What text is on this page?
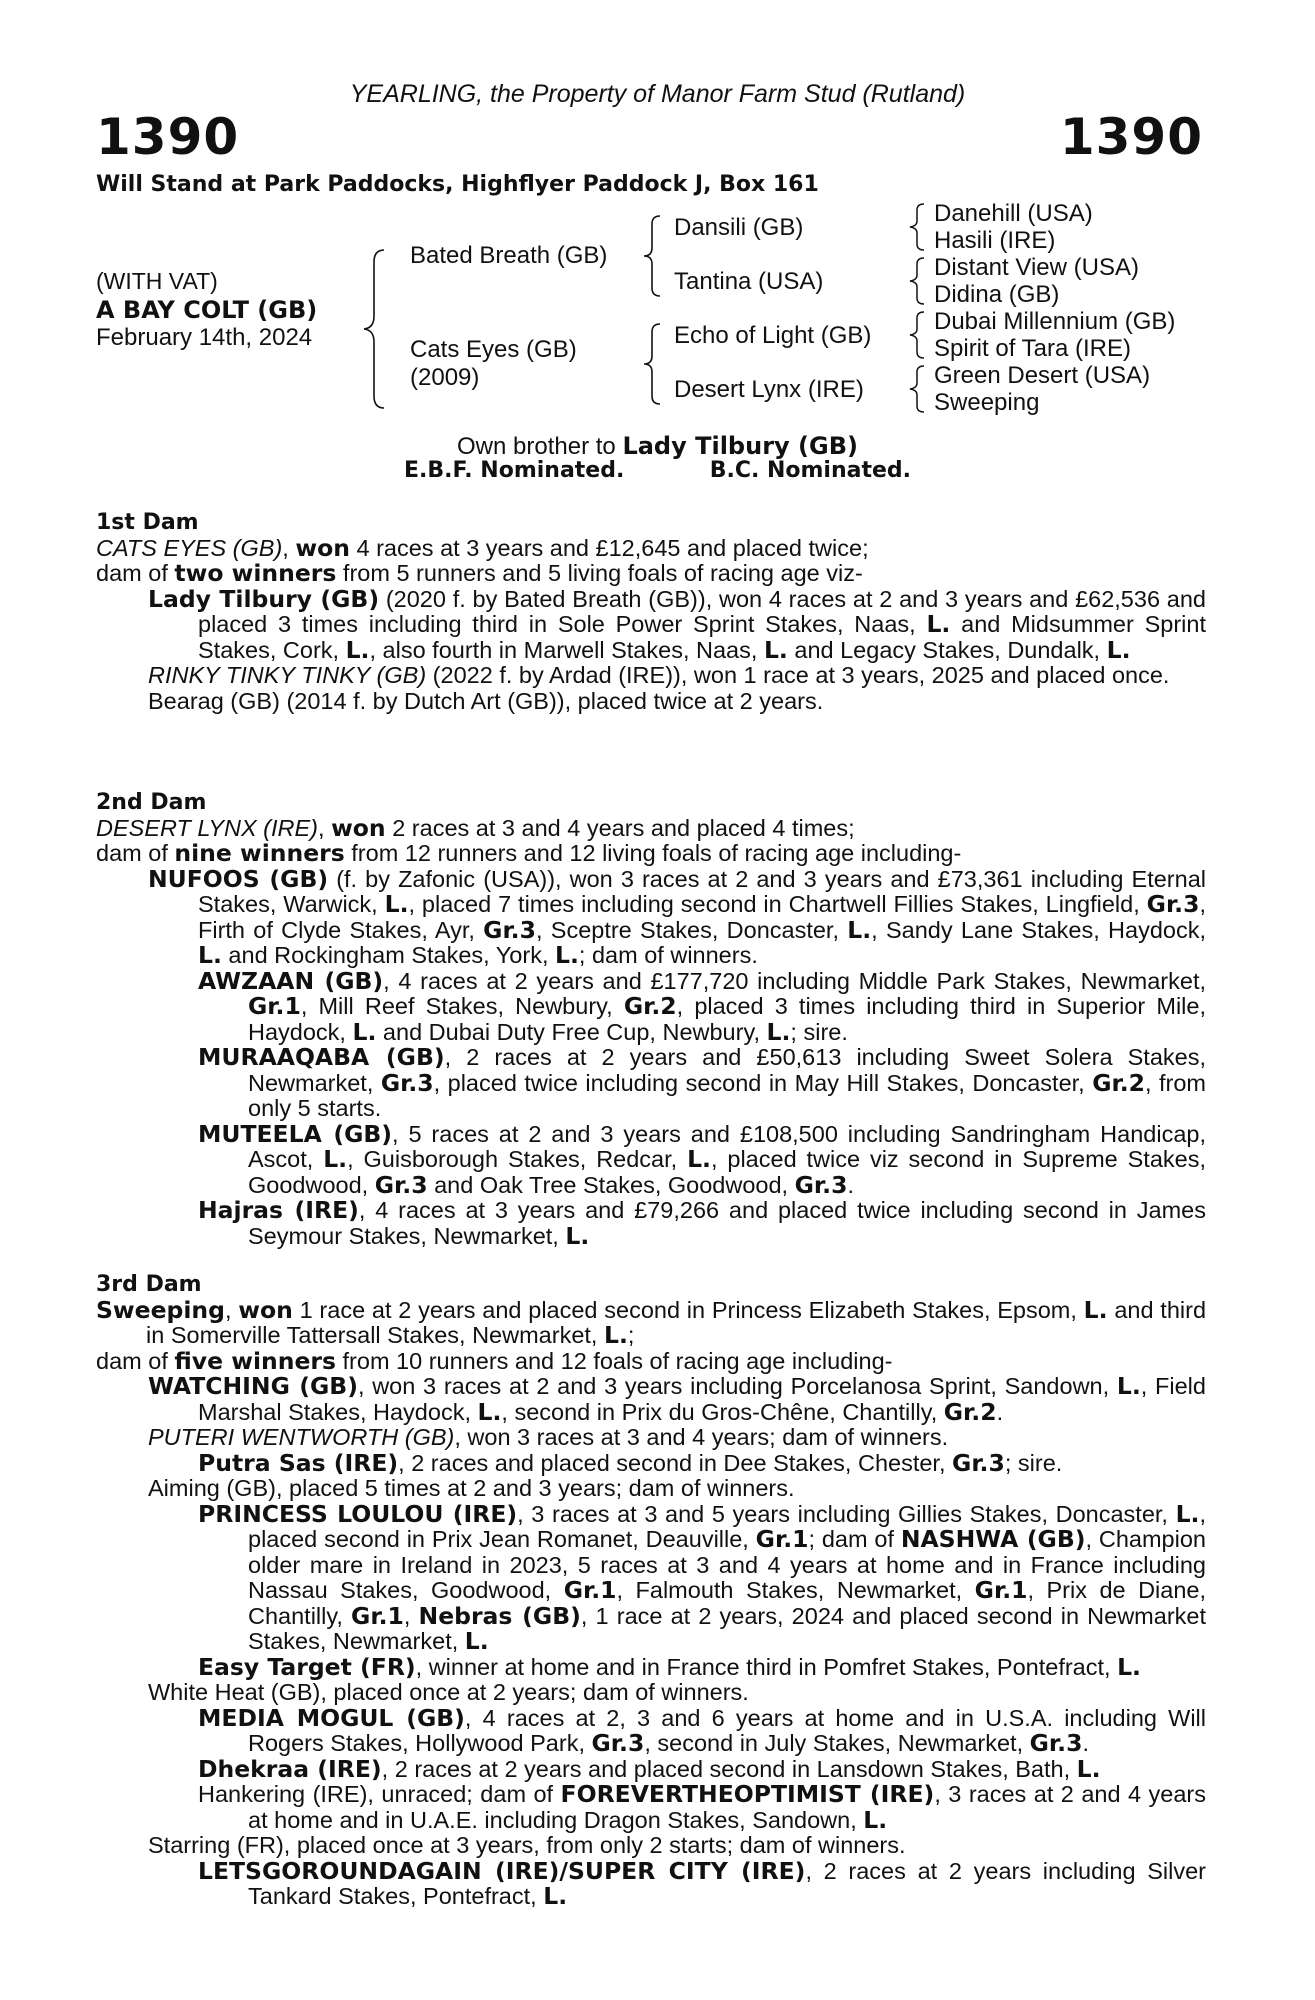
YEARLING, the Property of Manor Farm Stud (Rutland)
1390	1390
Will Stand at Park Paddocks, Highflyer Paddock J, Box 161
(WITH VAT)
A BAY COLT (GB)
February 14th, 2024
Bated Breath (GB)
Cats Eyes (GB)
(2009)
Dansili (GB)
Tantina (USA)
Echo of Light (GB)
Desert Lynx (IRE)
Danehill (USA)
Hasili (IRE)
Distant View (USA)
Didina (GB)
Dubai Millennium (GB)
Spirit of Tara (IRE)
Green Desert (USA)
Sweeping
Own brother to Lady Tilbury (GB)
E.B.F. Nominated.	B.C. Nominated.

1st Dam

CATS EYES (GB), won 4 races at 3 years and £12,645 and placed twice;

dam of two winners from 5 runners and 5 living foals of racing age viz-

Lady Tilbury (GB) (2020 f. by Bated Breath (GB)), won 4 races at 2 and 3 years and £62,536 and placed 3 times including third in Sole Power Sprint Stakes, Naas, L. and Midsummer Sprint Stakes, Cork, L., also fourth in Marwell Stakes, Naas, L. and Legacy Stakes, Dundalk, L.

RINKY TINKY TINKY (GB) (2022 f. by Ardad (IRE)), won 1 race at 3 years, 2025 and placed once.

Bearag (GB) (2014 f. by Dutch Art (GB)), placed twice at 2 years.

2nd Dam

DESERT LYNX (IRE), won 2 races at 3 and 4 years and placed 4 times;

dam of nine winners from 12 runners and 12 living foals of racing age including-

NUFOOS (GB) (f. by Zafonic (USA)), won 3 races at 2 and 3 years and £73,361 including Eternal Stakes, Warwick, L., placed 7 times including second in Chartwell Fillies Stakes, Lingfield, Gr.3, Firth of Clyde Stakes, Ayr, Gr.3, Sceptre Stakes, Doncaster, L., Sandy Lane Stakes, Haydock, L. and Rockingham Stakes, York, L.; dam of winners.

AWZAAN (GB), 4 races at 2 years and £177,720 including Middle Park Stakes, Newmarket, Gr.1, Mill Reef Stakes, Newbury, Gr.2, placed 3 times including third in Superior Mile, Haydock, L. and Dubai Duty Free Cup, Newbury, L.; sire.

MURAAQABA (GB), 2 races at 2 years and £50,613 including Sweet Solera Stakes, Newmarket, Gr.3, placed twice including second in May Hill Stakes, Doncaster, Gr.2, from only 5 starts.

MUTEELA (GB), 5 races at 2 and 3 years and £108,500 including Sandringham Handicap, Ascot, L., Guisborough Stakes, Redcar, L., placed twice viz second in Supreme Stakes, Goodwood, Gr.3 and Oak Tree Stakes, Goodwood, Gr.3.

Hajras (IRE), 4 races at 3 years and £79,266 and placed twice including second in James Seymour Stakes, Newmarket, L.

3rd Dam

Sweeping, won 1 race at 2 years and placed second in Princess Elizabeth Stakes, Epsom, L. and third in Somerville Tattersall Stakes, Newmarket, L.;

dam of five winners from 10 runners and 12 foals of racing age including-

WATCHING (GB), won 3 races at 2 and 3 years including Porcelanosa Sprint, Sandown, L., Field Marshal Stakes, Haydock, L., second in Prix du Gros-Chêne, Chantilly, Gr.2.

PUTERI WENTWORTH (GB), won 3 races at 3 and 4 years; dam of winners.

Putra Sas (IRE), 2 races and placed second in Dee Stakes, Chester, Gr.3; sire.

Aiming (GB), placed 5 times at 2 and 3 years; dam of winners.

PRINCESS LOULOU (IRE), 3 races at 3 and 5 years including Gillies Stakes, Doncaster, L., placed second in Prix Jean Romanet, Deauville, Gr.1; dam of NASHWA (GB), Champion older mare in Ireland in 2023, 5 races at 3 and 4 years at home and in France including Nassau Stakes, Goodwood, Gr.1, Falmouth Stakes, Newmarket, Gr.1, Prix de Diane, Chantilly, Gr.1, Nebras (GB), 1 race at 2 years, 2024 and placed second in Newmarket Stakes, Newmarket, L.

Easy Target (FR), winner at home and in France third in Pomfret Stakes, Pontefract, L.

White Heat (GB), placed once at 2 years; dam of winners.

MEDIA MOGUL (GB), 4 races at 2, 3 and 6 years at home and in U.S.A. including Will Rogers Stakes, Hollywood Park, Gr.3, second in July Stakes, Newmarket, Gr.3.

Dhekraa (IRE), 2 races at 2 years and placed second in Lansdown Stakes, Bath, L.

Hankering (IRE), unraced; dam of FOREVERTHEOPTIMIST (IRE), 3 races at 2 and 4 years at home and in U.A.E. including Dragon Stakes, Sandown, L.

Starring (FR), placed once at 3 years, from only 2 starts; dam of winners.

LETSGOROUNDAGAIN (IRE)/SUPER CITY (IRE), 2 races at 2 years including Silver Tankard Stakes, Pontefract, L.
